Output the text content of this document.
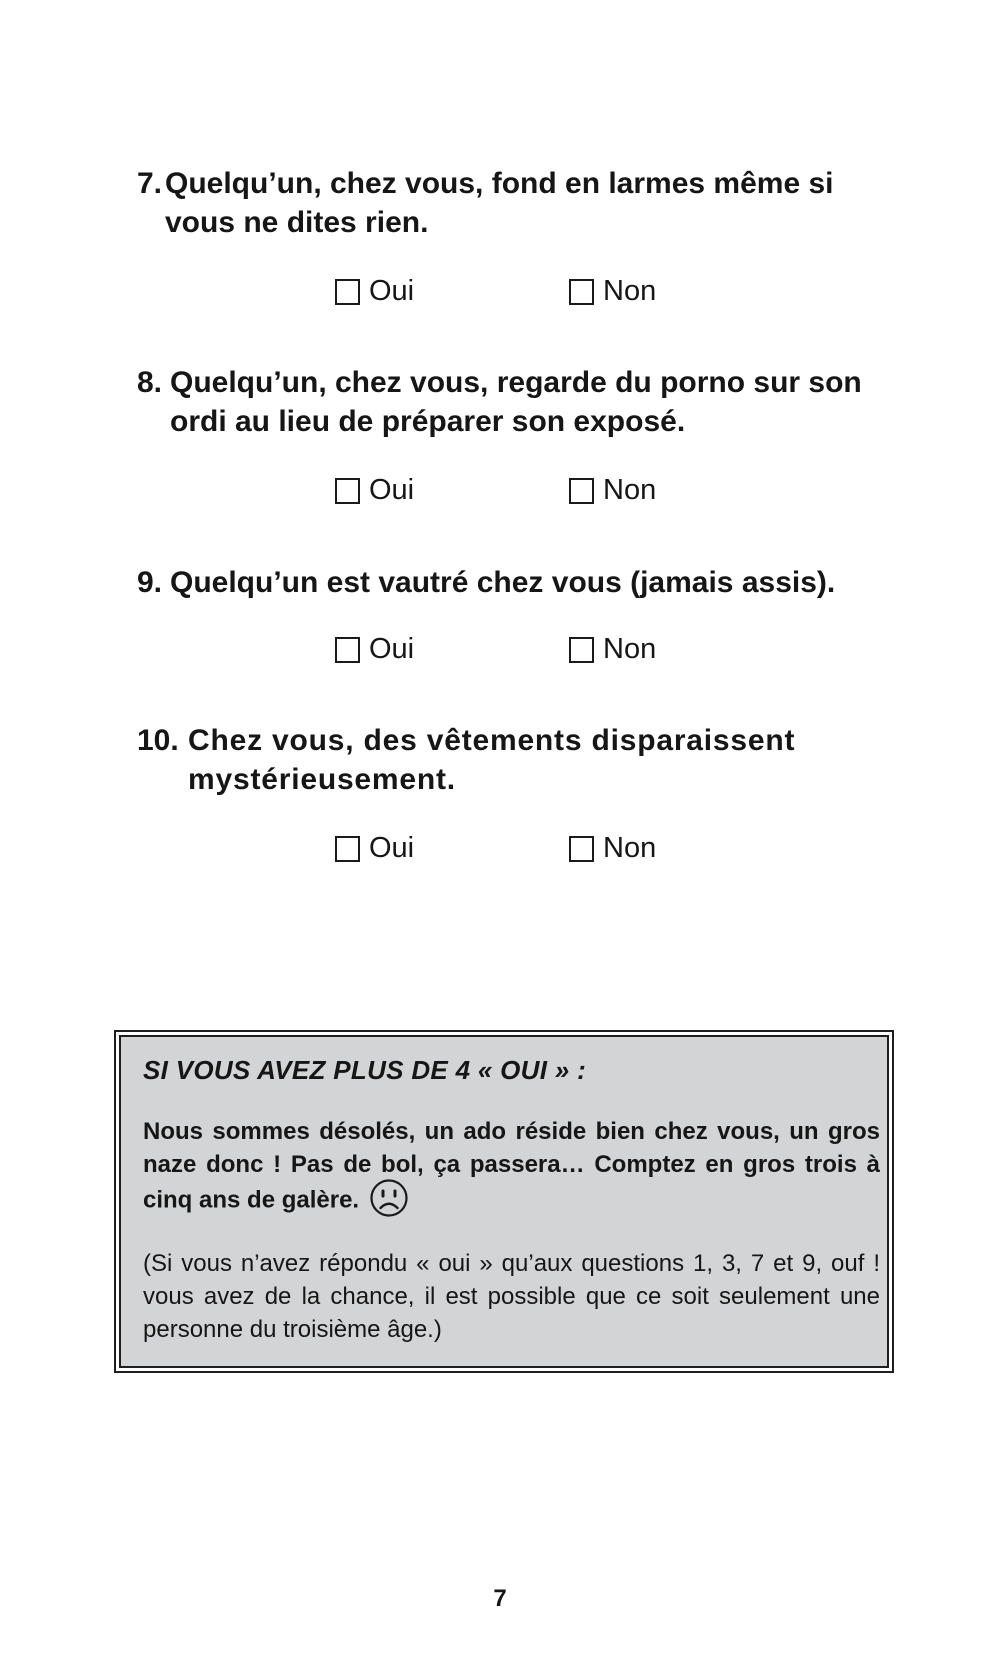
7. Quelqu’un, chez vous, fond en larmes même si vous ne dites rien.
Oui	Non
8. Quelqu’un, chez vous, regarde du porno sur son ordi au lieu de préparer son exposé.
Oui	Non
9. Quelqu’un est vautré chez vous (jamais assis).
Oui	Non
10. Chez vous, des vêtements disparaissent mystérieusement.
Oui	Non
SI VOUS AVEZ PLUS DE 4 « OUI » :
Nous sommes désolés, un ado réside bien chez vous, un gros naze donc ! Pas de bol, ça passera… Comptez en gros trois à cinq ans de galère.
(Si vous n’avez répondu « oui » qu’aux questions 1, 3, 7 et 9, ouf ! vous avez de la chance, il est possible que ce soit seulement une personne du troisième âge.)
7
